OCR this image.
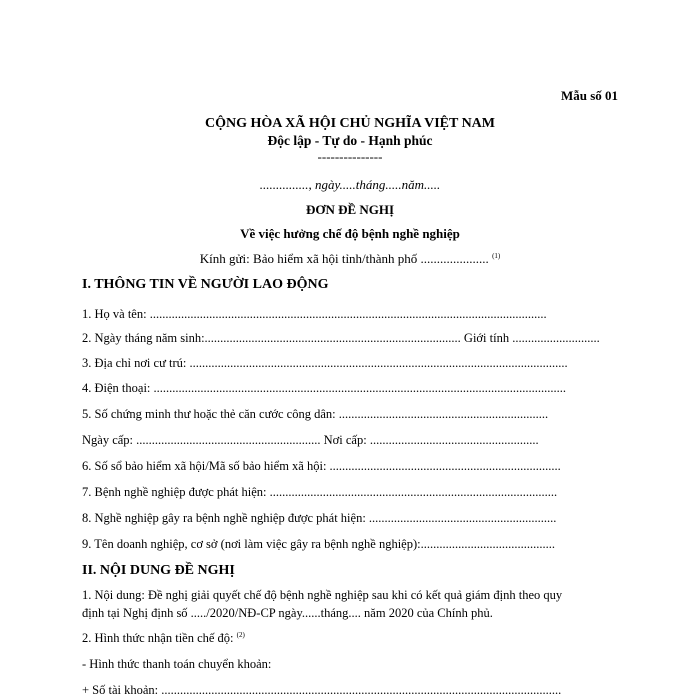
Mẫu số 01
CỘNG HÒA XÃ HỘI CHỦ NGHĨA VIỆT NAM
Độc lập - Tự do - Hạnh phúc
---------------
..............., ngày.....tháng.....năm.....
ĐƠN ĐỀ NGHỊ
Về việc hưởng chế độ bệnh nghề nghiệp
Kính gửi: Bảo hiểm xã hội tỉnh/thành phố ..................... $^{(1)}$
I. THÔNG TIN VỀ NGƯỜI LAO ĐỘNG
1. Họ và tên: ...............................................................................................................................
2. Ngày tháng năm sinh:.................................................................................. Giới tính ............................
3. Địa chỉ nơi cư trú: .........................................................................................................................
4. Điện thoại: ....................................................................................................................................
5. Số chứng minh thư hoặc thẻ căn cước công dân: ...................................................................
Ngày cấp: ........................................................... Nơi cấp: ......................................................
6. Số sổ bảo hiểm xã hội/Mã số bảo hiểm xã hội: ..........................................................................
7. Bệnh nghề nghiệp được phát hiện: ............................................................................................
8. Nghề nghiệp gây ra bệnh nghề nghiệp được phát hiện: ............................................................
9. Tên doanh nghiệp, cơ sở (nơi làm việc gây ra bệnh nghề nghiệp):...........................................
II. NỘI DUNG ĐỀ NGHỊ
1. Nội dung: Đề nghị giải quyết chế độ bệnh nghề nghiệp sau khi có kết quả giám định theo quy
định tại Nghị định số ...../2020/NĐ-CP ngày......tháng.... năm 2020 của Chính phủ.
2. Hình thức nhận tiền chế độ: $^{(2)}$
- Hình thức thanh toán chuyển khoản:
+ Số tài khoản: ................................................................................................................................
